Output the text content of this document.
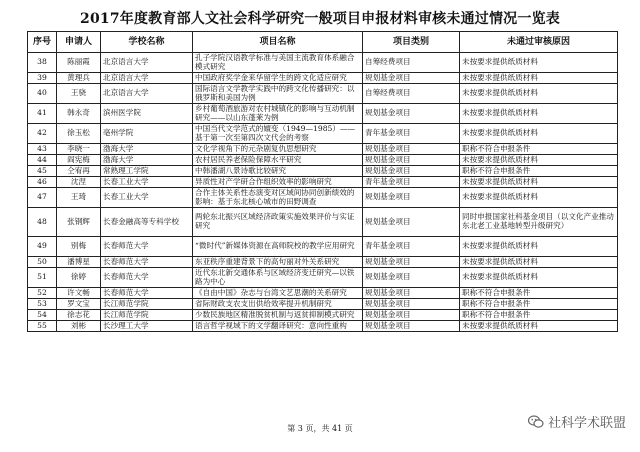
2017年度教育部人文社会科学研究一般项目申报材料审核未通过情况一览表
序号	申请人	学校名称	项目名称	项目类别	未通过审核原因
38	陈丽霞	北京语言大学	孔子学院汉语教学标准与美国主流教育体系融合模式研究	自筹经费项目	未按要求提供纸质材料
39	黄理兵	北京语言大学	中国政府奖学金来华留学生的跨文化适应研究	规划基金项目	未按要求提供纸质材料
40	王骁	北京语言大学	国际语言文学教学实践中的跨文化传播研究：以俄罗斯和美国为例	自筹经费项目	未按要求提供纸质材料
41	韩永奇	滨州医学院	乡村葡萄酒旅游对农村城镇化的影响与互动机制研究——以山东蓬莱为例	规划基金项目	未按要求提供纸质材料
42	徐玉松	亳州学院	中国当代文学范式的嬗变（1949—1985）——基于第一次至第四次文代会的考察	青年基金项目	未按要求提供纸质材料
43	李晓一	渤海大学	文化学视角下的元杂剧复仇思想研究	规划基金项目	职称不符合申报条件
44	阎宪梅	渤海大学	农村居民养老保险保障水平研究	规划基金项目	未按要求提供纸质材料
45	仝宥再	常熟理工学院	中韩潘湖八景诗歌比较研究	规划基金项目	职称不符合申报条件
46	沈涅	长春工业大学	异质性对产学研合作组织效率的影响研究	青年基金项目	未按要求提供纸质材料
47	王琦	长春工业大学	合作主体关系性态演变对区域间协同创新绩效的影响：基于东北核心城市的田野调查	规划基金项目	未按要求提供纸质材料
48	张钢辉	长春金融高等专科学校	两轮东北振兴区域经济政策实施效果评价与实证研究	规划基金项目	同时申报国家社科基金项目（以文化产业推动东北老工业基地转型升级研究）
49	别梅	长春师范大学	“微时代”新媒体资源在高师院校的教学应用研究	青年基金项目	未按要求提供纸质材料
50	潘博星	长春师范大学	东亚秩序重建背景下的高句丽对外关系研究	规划基金项目	未按要求提供纸质材料
51	徐婷	长春师范大学	近代东北新交通体系与区域经济变迁研究—以铁路为中心	规划基金项目	未按要求提供纸质材料
52	许文畅	长春师范大学	《自由中国》杂志与台湾文艺思潮的关系研究	规划基金项目	职称不符合申报条件
53	罗文宝	长江师范学院	省际财政支农支出供给效率提升机制研究	规划基金项目	职称不符合申报条件
54	徐志花	长江师范学院	少数民族地区精准脱贫机制与返贫抑制模式研究	规划基金项目	职称不符合申报条件
55	刘彬	长沙理工大学	语言哲学视域下的文学翻译研究：意向性重构	规划基金项目	未按要求提供纸质材料
第 3 页，共 41 页	社科学术联盟
